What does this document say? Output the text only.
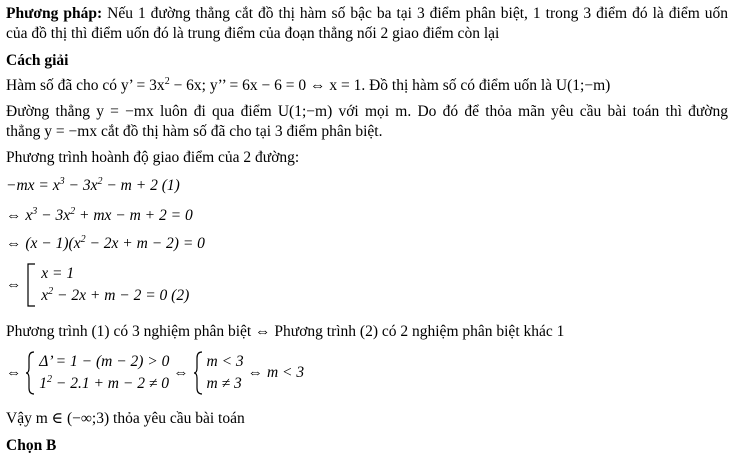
Phương pháp: Nếu 1 đường thẳng cắt đồ thị hàm số bậc ba tại 3 điểm phân biệt, 1 trong 3 điểm đó là điểm uốn
của đồ thị thì điểm uốn đó là trung điểm của đoạn thẳng nối 2 giao điểm còn lại
Cách giải
Hàm số đã cho có y’ = $3x^2 - 6x$; y’’ = 6x − 6 = 0 ⇔ x = 1. Đồ thị hàm số có điểm uốn là U(1;−m)
Đường thẳng y = −mx luôn đi qua điểm U(1;−m) với mọi m. Do đó để thỏa mãn yêu cầu bài toán thì đường
thẳng y = −mx cắt đồ thị hàm số đã cho tại 3 điểm phân biệt.
Phương trình hoành độ giao điểm của 2 đường:
$-mx = x^3 - 3x^2 - m + 2$ (1)
⇔ $x^3 - 3x^2$ + mx − m + 2 = 0
⇔ $(x - 1)(x^2 - 2x + m - 2) = 0$
⇔  x = 1
$x^2 - 2x + m - 2 = 0$ (2)
Phương trình (1) có 3 nghiệm phân biệt ⇔ Phương trình (2) có 2 nghiệm phân biệt khác 1
⇔  Δ’ = 1 − (m − 2) > 0
$1^2 - 2.1 + m - 2 \ne 0$ ⇔  m < 3
m ≠ 3 ⇔ m < 3
Vậy m ∈ (−∞;3) thỏa yêu cầu bài toán
Chọn B
